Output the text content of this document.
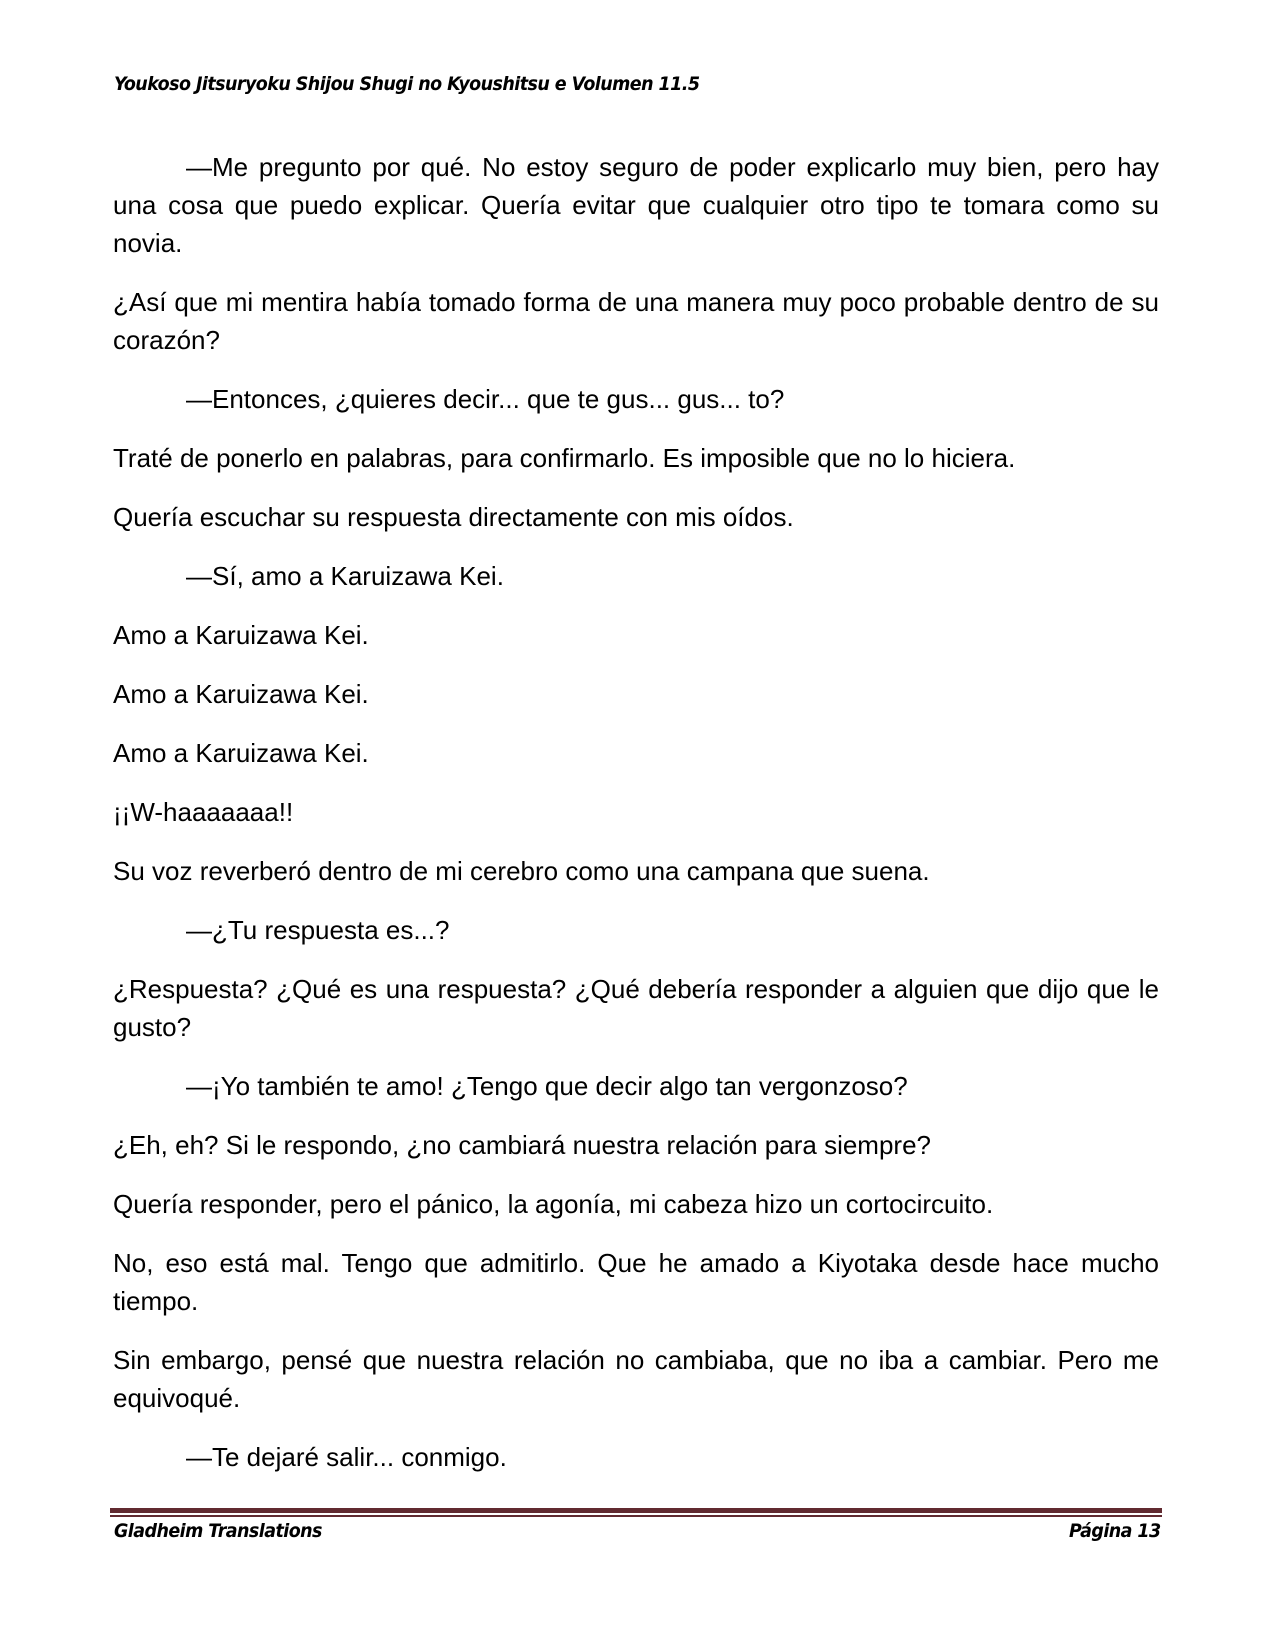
Youkoso Jitsuryoku Shijou Shugi no Kyoushitsu e Volumen 11.5

—Me pregunto por qué. No estoy seguro de poder explicarlo muy bien, pero hay una cosa que puedo explicar. Quería evitar que cualquier otro tipo te tomara como su novia.

¿Así que mi mentira había tomado forma de una manera muy poco probable dentro de su corazón?

—Entonces, ¿quieres decir... que te gus... gus... to?

Traté de ponerlo en palabras, para confirmarlo. Es imposible que no lo hiciera.

Quería escuchar su respuesta directamente con mis oídos.

—Sí, amo a Karuizawa Kei.

Amo a Karuizawa Kei.

Amo a Karuizawa Kei.

Amo a Karuizawa Kei.

¡¡W-haaaaaaa!!

Su voz reverberó dentro de mi cerebro como una campana que suena.

—¿Tu respuesta es...?

¿Respuesta? ¿Qué es una respuesta? ¿Qué debería responder a alguien que dijo que le gusto?

—¡Yo también te amo! ¿Tengo que decir algo tan vergonzoso?

¿Eh, eh? Si le respondo, ¿no cambiará nuestra relación para siempre?

Quería responder, pero el pánico, la agonía, mi cabeza hizo un cortocircuito.

No, eso está mal. Tengo que admitirlo. Que he amado a Kiyotaka desde hace mucho tiempo.

Sin embargo, pensé que nuestra relación no cambiaba, que no iba a cambiar. Pero me equivoqué.

—Te dejaré salir... conmigo.

Gladheim Translations	Página 13
